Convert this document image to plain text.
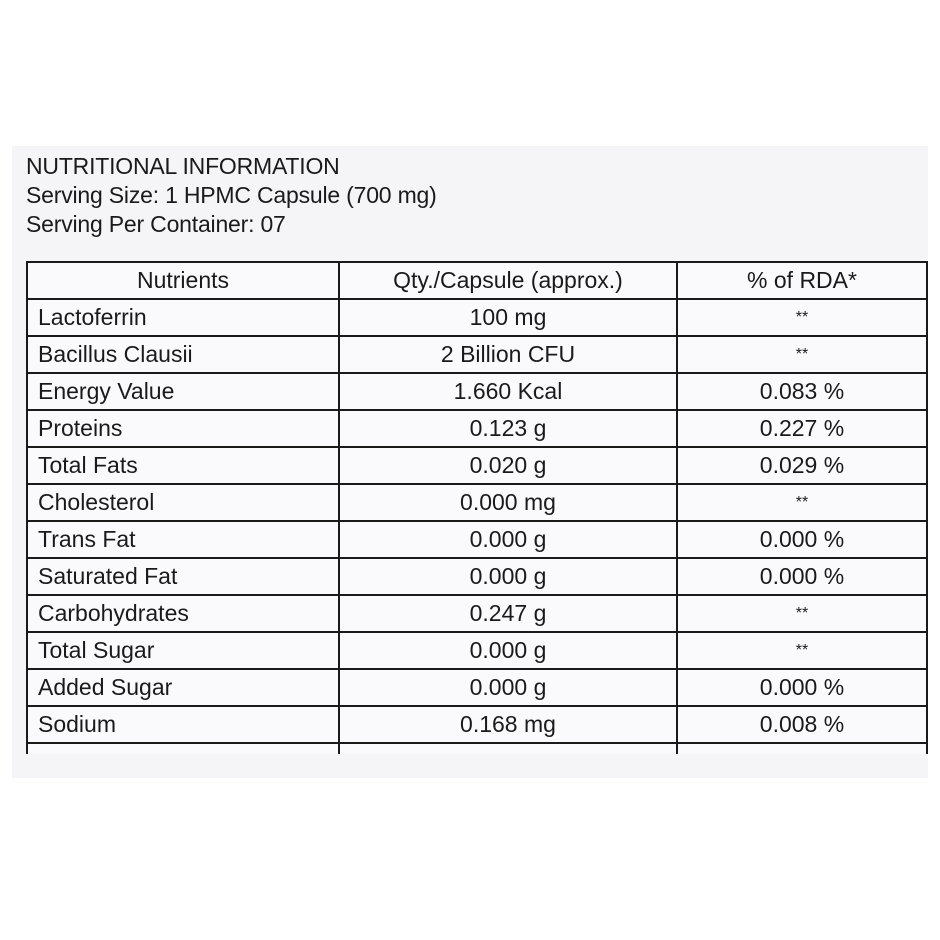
NUTRITIONAL INFORMATION
Serving Size: 1 HPMC Capsule (700 mg)
Serving Per Container: 07
Nutrients	Qty./Capsule (approx.)	% of RDA*
Lactoferrin	100 mg	**
Bacillus Clausii	2 Billion CFU	**
Energy Value	1.660 Kcal	0.083 %
Proteins	0.123 g	0.227 %
Total Fats	0.020 g	0.029 %
Cholesterol	0.000 mg	**
Trans Fat	0.000 g	0.000 %
Saturated Fat	0.000 g	0.000 %
Carbohydrates	0.247 g	**
Total Sugar	0.000 g	**
Added Sugar	0.000 g	0.000 %
Sodium	0.168 mg	0.008 %
